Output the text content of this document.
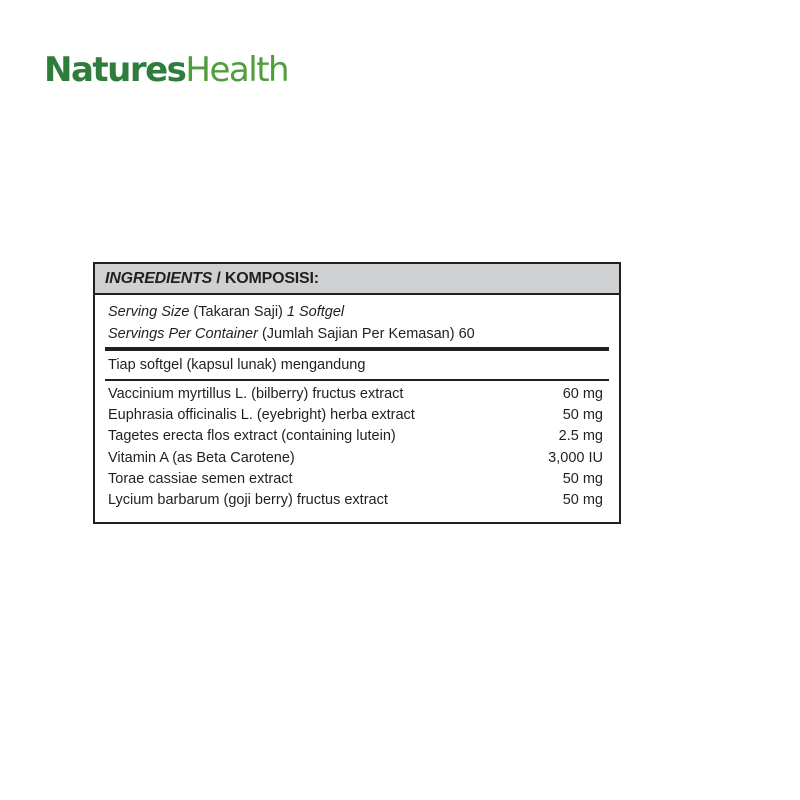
NaturesHealth
INGREDIENTS / KOMPOSISI:
Serving Size (Takaran Saji) 1 Softgel
Servings Per Container (Jumlah Sajian Per Kemasan) 60
Tiap softgel (kapsul lunak) mengandung
Vaccinium myrtillus L. (bilberry) fructus extract	60 mg
Euphrasia officinalis L. (eyebright) herba extract	50 mg
Tagetes erecta flos extract (containing lutein)	2.5 mg
Vitamin A (as Beta Carotene)	3,000 IU
Torae cassiae semen extract	50 mg
Lycium barbarum (goji berry) fructus extract	50 mg
